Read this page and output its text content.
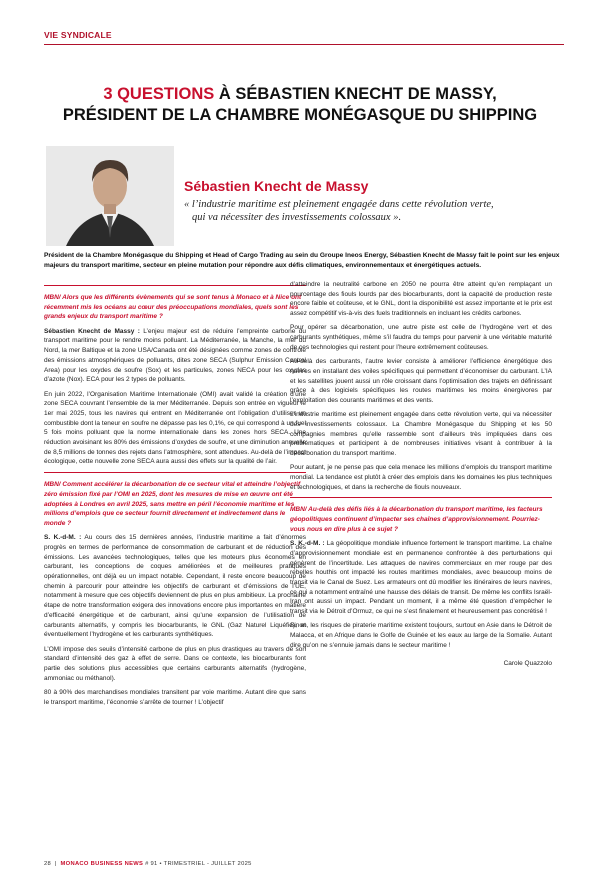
VIE SYNDICALE
3 QUESTIONS À SÉBASTIEN KNECHT DE MASSY,
PRÉSIDENT DE LA CHAMBRE MONÉGASQUE DU SHIPPING
Sébastien Knecht de Massy
« l’industrie maritime est pleinement engagée dans cette révolution verte,
qui va nécessiter des investissements colossaux ».
Président de la Chambre Monégasque du Shipping et Head of Cargo Trading au sein du Groupe Ineos Energy, Sébastien Knecht de Massy fait le point sur les enjeux majeurs du transport maritime, secteur en pleine mutation pour répondre aux défis climatiques, environnementaux et énergétiques actuels.

MBN/ Alors que les différents évènements qui se sont tenus à Monaco et à Nice ont récemment mis les océans au cœur des préoccupations mondiales, quels sont les grands enjeux du transport maritime ?

Sébastien Knecht de Massy : L’enjeu majeur est de réduire l’empreinte carbone du transport maritime pour le rendre moins polluant. La Méditerranée, la Manche, la mer du Nord, la mer Baltique et la zone USA/Canada ont été désignées comme zones de contrôle des émissions atmosphériques de polluants, dites zone SECA (Sulphur Emission Control Area) pour les oxydes de soufre (Sox) et les particules, zones NECA pour les oxydes d’azote (Nox). ECA pour les 2 types de polluants.

En juin 2022, l’Organisation Maritime Internationale (OMI) avait validé la création d’une zone SECA couvrant l’ensemble de la mer Méditerranée. Depuis son entrée en vigueur le 1er mai 2025, tous les navires qui entrent en Méditerranée ont l’obligation d’utiliser un combustible dont la teneur en soufre ne dépasse pas les 0,1%, ce qui correspond à un fuel 5 fois moins polluant que la norme internationale dans les zones hors SECA. Une réduction avoisinant les 80% des émissions d’oxydes de soufre, et une diminution annuelle de 8,5 millions de tonnes des rejets dans l’atmosphère, sont attendues. Au-delà de l’impact écologique, cette nouvelle zone SECA aura aussi des effets sur la qualité de l’air.

MBN/ Comment accélérer la décarbonation de ce secteur vital et atteindre l’objectif zéro émission fixé par l’OMI en 2025, dont les mesures de mise en œuvre ont été adoptées à Londres en avril 2025, sans mettre en péril l’économie maritime et les millions d’emplois que ce secteur fournit directement et indirectement dans le monde ?

S. K.-d-M. : Au cours des 15 dernières années, l’industrie maritime a fait d’énormes progrès en termes de performance de consommation de carburant et de réduction des émissions. Les avancées technologiques, telles que les moteurs plus économes en carburant, les conceptions de coques améliorées et de meilleures pratiques opérationnelles, ont déjà eu un impact notable. Cependant, il reste encore beaucoup de chemin à parcourir pour atteindre les objectifs de carburant et d’émissions de l’UE, notamment à mesure que ces objectifs deviennent de plus en plus ambitieux. La prochaine étape de notre transformation exigera des innovations encore plus importantes en matière d’efficacité énergétique et de carburant, ainsi qu’une expansion de l’utilisation de carburants alternatifs, y compris les biocarburants, le GNL (Gaz Naturel Liquéfié), et éventuellement l’hydrogène et les carburants synthétiques.

L’OMI impose des seuils d’intensité carbone de plus en plus drastiques au travers de son standard d’intensité des gaz à effet de serre. Dans ce contexte, les biocarburants font partie des solutions plus accessibles que certains carburants alternatifs (hydrogène, ammoniac ou méthanol).

80 à 90% des marchandises mondiales transitent par voie maritime. Autant dire que sans le transport maritime, l’économie s’arrête de tourner ! L’objectif

d’atteindre la neutralité carbone en 2050 ne pourra être atteint qu’en remplaçant un pourcentage des fiouls lourds par des biocarburants, dont la capacité de production reste encore faible et coûteuse, et le GNL, dont la disponibilité est assez importante et le prix est assez compétitif vis-à-vis des fuels traditionnels en incluant les crédits carbones.

Pour opérer sa décarbonation, une autre piste est celle de l’hydrogène vert et des carburants synthétiques, même s’il faudra du temps pour parvenir à une véritable maturité de ces technologies qui restent pour l’heure extrêmement coûteuses.

Au-delà des carburants, l’autre levier consiste à améliorer l’efficience énergétique des navires en installant des voiles spécifiques qui permettent d’économiser du carburant. L’IA et les satellites jouent aussi un rôle croissant dans l’optimisation des trajets en définissant grâce à des logiciels spécifiques les routes maritimes les moins énergivores par l’exploitation des courants maritimes et des vents.

L’industrie maritime est pleinement engagée dans cette révolution verte, qui va nécessiter des investissements colossaux. La Chambre Monégasque du Shipping et les 50 compagnies membres qu’elle rassemble sont d’ailleurs très impliquées dans ces problématiques et participent à de nombreuses initiatives visant à contribuer à la décarbonation du transport maritime.

Pour autant, je ne pense pas que cela menace les millions d’emplois du transport maritime mondial. La tendance est plutôt à créer des emplois dans les domaines les plus techniques et technologiques, et dans la recherche de fiouls nouveaux.

MBN/ Au-delà des défis liés à la décarbonation du transport maritime, les facteurs géopolitiques continuent d’impacter ses chaînes d’approvisionnement. Pourriez-vous nous en dire plus à ce sujet ?

S. K.-d-M. : La géopolitique mondiale influence fortement le transport maritime. La chaîne d’approvisionnement mondiale est en permanence confrontée à des perturbations qui génèrent de l’incertitude. Les attaques de navires commerciaux en mer rouge par des rebelles houthis ont impacté les routes maritimes mondiales, avec beaucoup moins de transit via le Canal de Suez. Les armateurs ont dû modifier les itinéraires de leurs navires, ce qui a notamment entraîné une hausse des délais de transit. De même les conflits Israël-Iran ont aussi un impact. Pendant un moment, il a même été question d’empêcher le transit via le Détroit d’Ormuz, ce qui ne s’est finalement et heureusement pas concrétisé !

Sinon, les risques de piraterie maritime existent toujours, surtout en Asie dans le Détroit de Malacca, et en Afrique dans le Golfe de Guinée et les eaux au large de la Somalie. Autant dire qu’on ne s’ennuie jamais dans le secteur maritime !

Carole Quazzolo

28  |  MONACO BUSINESS NEWS # 91 • TRIMESTRIEL - JUILLET 2025
